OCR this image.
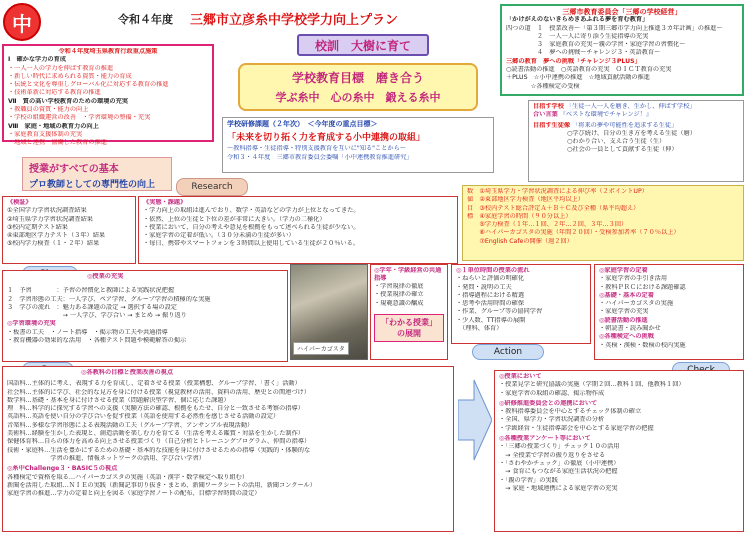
中	令和４年度 三郷市立彦糸中学校学力向上プラン
校訓　大樹に育て
令和４年度埼玉県教育行政重点施策
Ⅰ　確かな学力の育成
・一人一人の学力を伸ばす教育の推進
・新しい時代に求められる資質・能力の育成
・伝統と文化を尊重しグローバル化に対応する教育の推進
・技術革新に対応する教育の推進
Ⅶ　質の高い学校教育のための環境の充実
・教職員の資質・能力の向上
・学校の組織運営の改善　・学習環境の整備・充実
Ⅷ　家庭・地域の教育力の向上
・家庭教育支援体制の充実
・地域と連携・協働した教育の推進
三郷市教育委員会「三郷の学校経営」
「かけがえのないきらめきあふれる夢を育む教育」
四つの道　１　授業改善～「第３期三郷市学力向上推進３カ年計画」の推進～
　　　　　２　一人一人に寄り添う生徒指導の充実
　　　　　３　家庭教育の充実～親の学習・家庭学習の習慣化～
　　　　　４　夢への挑戦～チャレンジ３・英語教育～
三郷の教育　夢への挑戦「チャレンジ３PLUS」
○読書活動の推進　○英語教育の充実　ＯＩＣＴ教育の充実
＋PLUS　☆小中連携の推進　☆地域貢献活動の推進
　　　　☆各種検定の受検
学校教育目標　磨き合う
学ぶ糸中　心の糸中　鍛える糸中
学校研修課題（２年次）　＜今年度の重点目標＞
「未来を切り拓く力を育成する小中連携の取組」
～教科指導・生徒指導・特別支援教育を互いに"知る"ことから～
令和３・４年度　三郷市教育委員会委嘱「小中連携教育推進研究」
目指す学校 「生徒一人一人を磨き、生かし、伸ばす学校」
合い言葉 『ベストな環境でチャレンジ！』
目指す生徒像 「将来の夢や可能性を追求する生徒」
○学び続け、自分の生き方を考える生徒（磨）
○わかり合い、支え合う生徒（生）
○社会の一員として貢献する生徒（伸）
授業がすべての基本
プロ教師としての専門性の向上	Research
《検証》
①全国学力学習状況調査結果
②埼玉県学力学習状況調査結果
③校内定期テスト結果
④東部地区学力テスト（３年）結果
⑤校内学力検査（１・２年）結果
《実態・課題》
・学力向上の取組は進んでおり、数学・英語などの学力が上位となってきた。
・依然、上位の生徒と下位の差が非常に大きい。（学力の二極化）
・授業において、自分の考えや意見を根拠をもって述べられる生徒が少ない。
・家庭学習の定着が低い。（３０分未満の生徒が多い）
・毎日、携帯やスマートフォンを３時間以上使用している生徒が２０％いる。
数　①埼玉県学力・学習状況調査による伸び率（２ポイントUP）
値　②東部地区学力検査（地区平均以上）
目　③校内テスト総合評定Ａ＋Ｂ＋Ｃ及び全種（県平均超え）
標　④家庭学習の時間（９０分以上）
　　⑤学力検査（１年…１回、２年…２回、３年…３回）
　　⑥ハイパーカゴスタの実施（年間２０回）・受検参加者率（７０％以上）
　　⑦English Cafeの開催（週２回）
◎授業の充実
１　予習　　　　：予習の習慣化と教師による実践状況把握
２　学習形態の工夫：一人学び、ペア学習、グループ学習の積極的な実施
３　学びの流れ　：魅力ある課題の設定 → 選択する場の設定
　　　　　　　　　→ 一人学び、学び合い → まとめ → 振り返り
◎学習環境の充実
・板書の工夫　・ノート指導　・掲示物の工夫や共通指導
・教育機器の効果的な活用　・各種テスト問題や模範解答の掲示
ハイパーカゴスタ
◎学年・学級経営の共通指導
・学習規律の徹底
・授業規律の確立
・規範意識の醸成
「わかる授業」
の展開
◎１単位時間の授業の流れ
・ねらいと評価の明確化
・発問・説明の工夫
・指導過程における精選
・思考や活用時間の確保
・作業、グループ等の協同学習
・少人数、TT指導の展開
　（理科、体育）
Action
◎家庭学習の定着
・家庭学習の手引き活用
・教科ＰＲＣにおける課題確認
◎基礎・基本の定着
・ハイパーカゴスタの実施
・家庭学習の充実
◎読書活動の推進
・朝読書・読み聞かせ
◎各種検定への挑戦
・英検・漢検・数検の校内実施
◎各教科の目標と授業改善の視点
国語科…主体的に考え、表現する力を育成し、定着させる授業（授業構想、グループ学習、「書く」活動）
社会科…主体的に学び、社会的な見方を身に付ける授業（視覚教材の活用、資料の活用、歴史との関連づけ）
数学科…基礎・基本を身に付けさせる授業（問題解決型学習、個に応じた課題）
理　科…科学的に探究する学習への支援（実験方法の確認、根拠をもたせ、自分と一致させる考察の指導）
英語科…英語を使い自分の学び合いを促す授業（英語を使用する必然性を感じさせる活動の設定）
音楽科…多様な学習形態による表現活動の工夫（グループ学習、アンサンブル表現活動）
美術科…経験を生かした表現と、創造活動を楽しむ力を育てる（生活を考える鑑賞・対話を生かした制作）
保健体育科…自らの体力を高める向上させる授業づくり（自己分析とトレーニングプログラム、仲間の指導）
技術・家庭科…生活を豊かにするための基礎・基本的な技能を身に付けさせるための指導（実践的・体験的な
　　　　　　　学習の推進、情報ネットワークの活用、学び合い学習）
◎糸中Challenge３・BASIC５の視点
各種検定で資格を取る…ハイパーカゴスタの実施（英語・漢字・数学検定へ取り組む）
新聞を活用した取組…ＮＩＥの実践（新聞記事切り抜き・まとめ、新聞ワークシートの活用、新聞コンクール）
家庭学習の推進…学力の定着と向上を図る（家庭学習ノートの配布、目標学習時間の設定）
◎授業において
・授業見学と研究協議の実施（学期２回…教科１回、他教科１回）
・家庭学習の取組の確認、掲示物作成
◎研修推進委員会との連携において
・教科指導委員会を中心とするチェック体制の確立
・全国、県学力・学習状況調査の分析
・学級経営・生徒指導部会を中心とする家庭学習の把握
◎各種授業アンケート等において
・「三郷の授業づくり」チェック１０の活用
　→ 全授業で学習の振り返りをさせる
・「さわやかチェック」の徹底（小中連携）
　→ 食育にもつながる家庭生活状況の把握
・「親の学習」の実践
　→ 家庭・地域連携による家庭学習の充実
